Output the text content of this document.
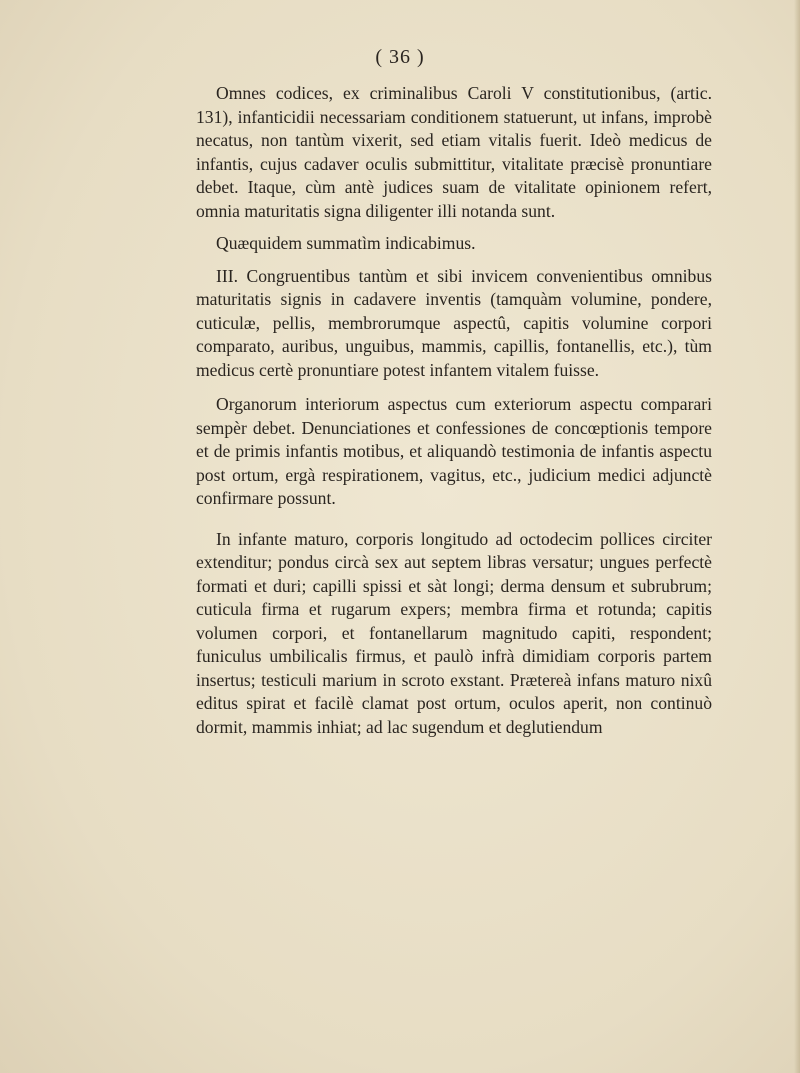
( 36 )

Omnes codices, ex criminalibus Caroli V constitutionibus, (artic. 131), infanticidii necessariam conditionem statuerunt, ut infans, improbè necatus, non tantùm vixerit, sed etiam vitalis fuerit. Ideò medicus de infantis, cujus cadaver oculis submittitur, vitalitate præcisè pronuntiare debet. Itaque, cùm antè judices suam de vitalitate opinionem refert, omnia maturitatis signa diligenter illi notanda sunt.

Quæquidem summatìm indicabimus.

III. Congruentibus tantùm et sibi invicem convenientibus omnibus maturitatis signis in cadavere inventis (tamquàm volumine, pondere, cuticulæ, pellis, membrorumque aspectû, capitis volumine corpori comparato, auribus, unguibus, mammis, capillis, fontanellis, etc.), tùm medicus certè pronuntiare potest infantem vitalem fuisse.

Organorum interiorum aspectus cum exteriorum aspectu comparari sempèr debet. Denunciationes et confessiones de concœptionis tempore et de primis infantis motibus, et aliquandò testimonia de infantis aspectu post ortum, ergà respirationem, vagitus, etc., judicium medici adjunctè confirmare possunt.

In infante maturo, corporis longitudo ad octodecim pollices circiter extenditur; pondus circà sex aut septem libras versatur; ungues perfectè formati et duri; capilli spissi et sàt longi; derma densum et subrubrum; cuticula firma et rugarum expers; membra firma et rotunda; capitis volumen corpori, et fontanellarum magnitudo capiti, respondent; funiculus umbilicalis firmus, et paulò infrà dimidiam corporis partem insertus; testiculi marium in scroto exstant. Prætereà infans maturo nixû editus spirat et facilè clamat post ortum, oculos aperit, non continuò dormit, mammis inhiat; ad lac sugendum et deglutiendum
